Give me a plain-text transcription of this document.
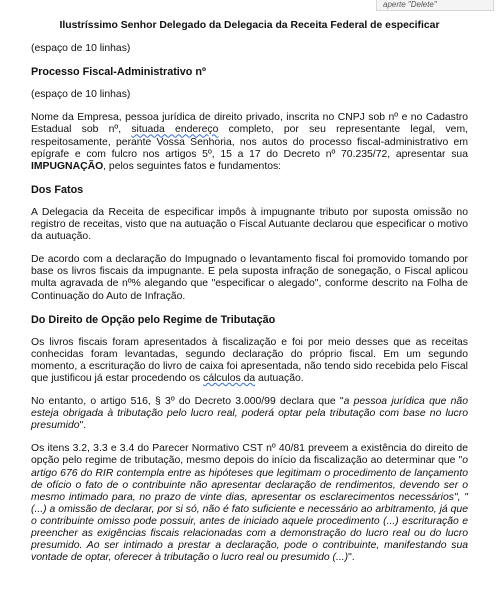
aperte "Delete"
Ilustríssimo Senhor Delegado da Delegacia da Receita Federal de especificar
(espaço de 10 linhas)
Processo Fiscal-Administrativo nº
(espaço de 10 linhas)
Nome da Empresa, pessoa jurídica de direito privado, inscrita no CNPJ sob nº e no Cadastro Estadual sob nº, situada endereço completo, por seu representante legal, vem, respeitosamente, perante Vossa Senhoria, nos autos do processo fiscal-administrativo em epígrafe e com fulcro nos artigos 5º, 15 a 17 do Decreto nº 70.235/72, apresentar sua IMPUGNAÇÃO, pelos seguintes fatos e fundamentos:
Dos Fatos
A Delegacia da Receita de especificar impôs à impugnante tributo por suposta omissão no registro de receitas, visto que na autuação o Fiscal Autuante declarou que especificar o motivo da autuação.
De acordo com a declaração do Impugnado o levantamento fiscal foi promovido tomando por base os livros fiscais da impugnante. E pela suposta infração de sonegação, o Fiscal aplicou multa agravada de nº% alegando que "especificar o alegado", conforme descrito na Folha de Continuação do Auto de Infração.
Do Direito de Opção pelo Regime de Tributação
Os livros fiscais foram apresentados à fiscalização e foi por meio desses que as receitas conhecidas foram levantadas, segundo declaração do próprio fiscal. Em um segundo momento, a escrituração do livro de caixa foi apresentada, não tendo sido recebida pelo Fiscal que justificou já estar procedendo os cálculos da autuação.
No entanto, o artigo 516, § 3º do Decreto 3.000/99 declara que "a pessoa jurídica que não esteja obrigada à tributação pelo lucro real, poderá optar pela tributação com base no lucro presumido".
Os itens 3.2, 3.3 e 3.4 do Parecer Normativo CST nº 40/81 preveem a existência do direito de opção pelo regime de tributação, mesmo depois do início da fiscalização ao determinar que "o artigo 676 do RIR contempla entre as hipóteses que legitimam o procedimento de lançamento de ofício o fato de o contribuinte não apresentar declaração de rendimentos, devendo ser o mesmo intimado para, no prazo de vinte dias, apresentar os esclarecimentos necessários", "(...) a omissão de declarar, por si só, não é fato suficiente e necessário ao arbitramento, já que o contribuinte omisso pode possuir, antes de iniciado aquele procedimento (...) escrituração e preencher as exigências fiscais relacionadas com a demonstração do lucro real ou do lucro presumido. Ao ser intimado a prestar a declaração, pode o contribuinte, manifestando sua vontade de optar, oferecer à tributação o lucro real ou presumido (...)".
